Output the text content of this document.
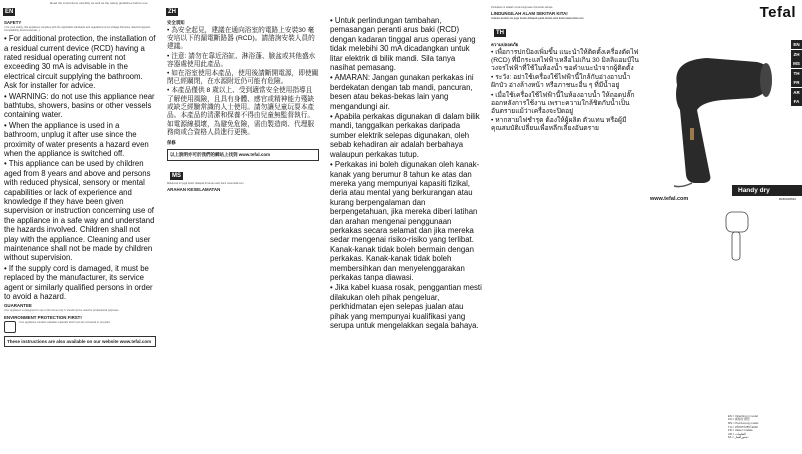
EN
Read the instructions carefully as well as the safety guidelines before use.
SAFETY

• For your safety, this appliance complies with the applicable standards and regulations (Low Voltage Directive, Electromagnetic Compatibility, Environmental…).

• For additional protection, the installation of a residual current device (RCD) having a rated residual operating current not exceeding 30 mA is advisable in the electrical circuit supplying the bathroom. Ask for installer for advice.

• WARNING: do not use this appliance near bathtubs, showers, basins or other vessels containing water.

• When the appliance is used in a bathroom, unplug it after use since the proximity of water presents a hazard even when the appliance is switched off.

• This appliance can be used by children aged from 8 years and above and persons with reduced physical, sensory or mental capabilities or lack of experience and knowledge if they have been given supervision or instruction concerning use of the appliance in a safe way and understand the hazards involved. Children shall not play with the appliance. Cleaning and user maintenance shall not be made by children without supervision.

• If the supply cord is damaged, it must be replaced by the manufacturer, its service agent or similarly qualified persons in order to avoid a hazard.

GUARANTEE
Your appliance is designed for use in the home only. It should not be used for professional purposes.
ENVIRONMENT PROTECTION FIRST!
Your appliance contains valuable materials which can be recovered or recycled.
These instructions are also available on our website www.tefal.com
ZH
安全須知

• 為安全起見，建議在通向浴室的電路上安裝30 毫安培以下的漏電斷路器 (RCD)。請諮詢安裝人員的建議。

• 注意: 請勿在靠近浴缸、淋浴蓬、臉盆或其他盛水容器處使用此產品。

• 如在浴室使用本產品，使用後請斷開電源，即使關閉已經關閉，在水源附近仍可能有危險。

• 本產品僅供 8 歲以上、受到適當安全使用指導且了解使用風險，且具有身體、感官或精神能力殘缺或缺乏經驗常識的人士使用。請勿讓兒童玩耍本產品。本產品的清潔和保養不得由兒童無監督執行。

如電源線損壞，為避免危險，需由製造商、代理服務商或合資格人員進行更換。

保修
以上說明亦可於我們的網站上找到 www.tefal.com
MS
Maklumat ini juga boleh didapati di laman web kami www.tefal.com
ARAHAN KESELAMATAN

• Untuk perlindungan tambahan, pemasangan peranti arus baki (RCD) dengan kadaran tinggal arus operasi yang tidak melebihi 30 mA dicadangkan untuk litar elektrik di bilik mandi. Sila tanya nasihat pemasang.

• AMARAN: Jangan gunakan perkakas ini berdekatan dengan tab mandi, pancuran, besen atau bekas-bekas lain yang mengandungi air.

• Apabila perkakas digunakan di dalam bilik mandi, tanggalkan perkakas daripada sumber elektrik selepas digunakan, oleh sebab kehadiran air adalah berbahaya walaupun perkakas tutup.

• Perkakas ini boleh digunakan oleh kanak-kanak yang berumur 8 tahun ke atas dan mereka yang mempunyai kapasiti fizikal, deria atau mental yang berkurangan atau kurang berpengalaman dan berpengetahuan, jika mereka diberi latihan dan arahan mengenai penggunaan perkakas secara selamat dan jika mereka sedar mengenai risiko-risiko yang terlibat. Kanak-kanak tidak boleh bermain dengan perkakas. Kanak-kanak tidak boleh membersihkan dan menyelenggarakan perkakas tanpa diawasi.

• Jika kabel kuasa rosak, penggantian mesti dilakukan oleh pihak pengeluar, perkhidmatan ejen selepas jualan atau pihak yang mempunyai kualifikasi yang serupa untuk mengelakkan segala bahaya.

Perkakas ini adalah untuk kegunaan domestik sahaja.
LINDUNGILAH ALAM SEKITAR KITA!
Arahan-arahan ini juga boleh didapati pada laman web kami www.tefal.com
TH
ความปลอดภัย

• เพื่อการปกป้องเพิ่มขึ้น แนะนำให้ติดตั้งเครื่องตัดไฟ (RCD) ที่มีกระแสไฟฟ้าเหลือไม่เกิน 30 มิลลิแอมป์ในวงจรไฟฟ้าที่ใช้ในห้องน้ำ ขอคำแนะนำจากผู้ติดตั้ง

• ระวัง: อย่าใช้เครื่องใช้ไฟฟ้านี้ใกล้กับอ่างอาบน้ำ ฝักบัว อ่างล้างหน้า หรือภาชนะอื่น ๆ ที่มีน้ำอยู่

• เมื่อใช้เครื่องใช้ไฟฟ้านี้ในห้องอาบน้ำ ให้ถอดปลั๊กออกหลังการใช้งาน เพราะความใกล้ชิดกับน้ำเป็นอันตรายแม้ว่าเครื่องจะปิดอยู่

• หากสายไฟชำรุด ต้องให้ผู้ผลิต ตัวแทน หรือผู้มีคุณสมบัติเปลี่ยนเพื่อหลีกเลี่ยงอันตราย

Tefal
EN
ZH
MS
TH
FR
AR
FA
Handy dry
www.tefal.com	R180018622
EN = Inheriting in model
ZH = 模特的 模型
MS = Pemborong model
TH = หน้าตรวจรับโมเดล
FR = Valeur modèle
AR = التعليمات
FA = دستورالعمل
